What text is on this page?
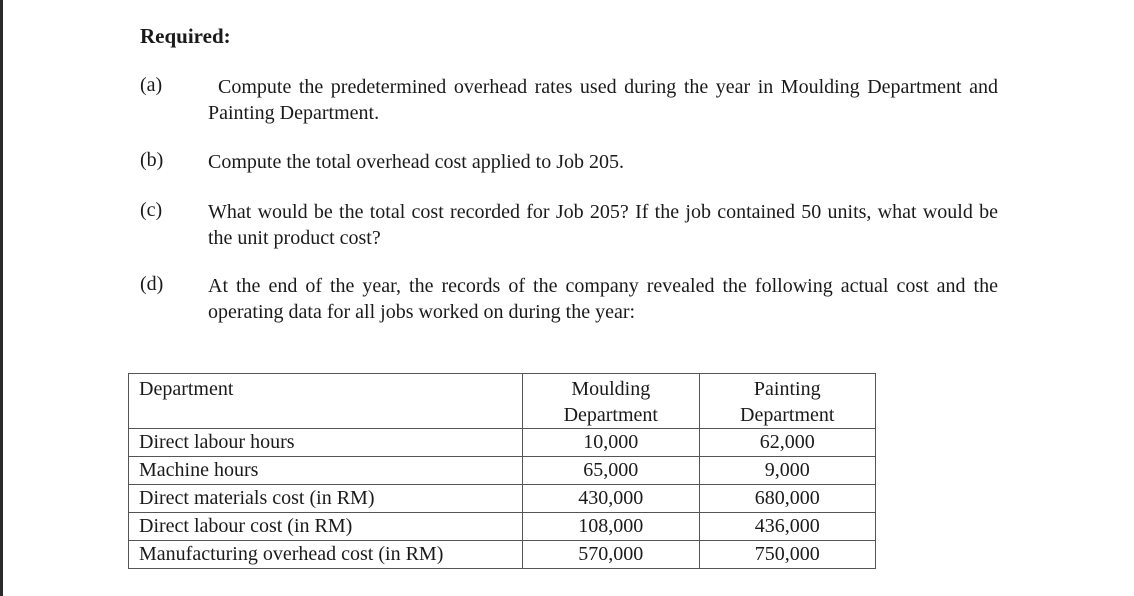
Required:
(a)	Compute the predetermined overhead rates used during the year in Moulding Department and Painting Department.
(b) Compute the total overhead cost applied to Job 205.
(c) What would be the total cost recorded for Job 205? If the job contained 50 units, what would be the unit product cost?
(d) At the end of the year, the records of the company revealed the following actual cost and the operating data for all jobs worked on during the year:
Department	Moulding Department	Painting Department
Direct labour hours	10,000	62,000
Machine hours	65,000	9,000
Direct materials cost (in RM)	430,000	680,000
Direct labour cost (in RM)	108,000	436,000
Manufacturing overhead cost (in RM)	570,000	750,000
